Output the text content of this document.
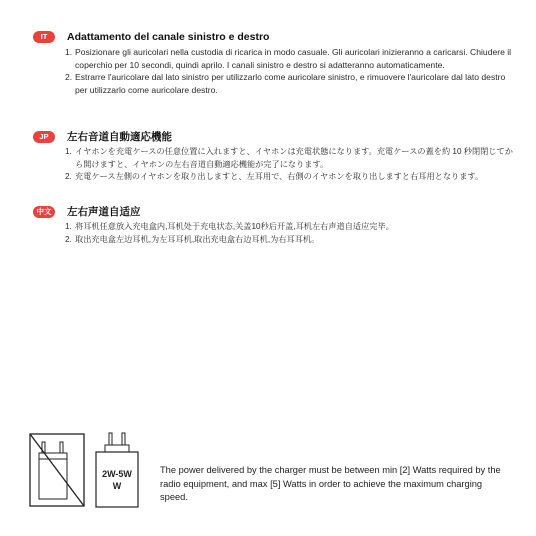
IT	Adattamento del canale sinistro e destro
1. Posizionare gli auricolari nella custodia di ricarica in modo casuale. Gli auricolari inizieranno a caricarsi. Chiudere il coperchio per 10 secondi, quindi aprilo. I canali sinistro e destro si adatteranno automaticamente.
2. Estrarre l'auricolare dal lato sinistro per utilizzarlo come auricolare sinistro, e rimuovere l'auricolare dal lato destro per utilizzarlo come auricolare destro.
JP	左右音道自動適応機能
1. イヤホンを充電ケースの任意位置に入れますと、イヤホンは充電状態になります。充電ケースの蓋を約 10 秒閉閉じてから開けますと、イヤホンの左右音道自動適応機能が完了になります。
2. 充電ケース左側のイヤホンを取り出しますと、左耳用で、右側のイヤホンを取り出しますと右耳用となります。
中文	左右声道自适应
1. 将耳机任意放入充电盒内,耳机处于充电状态,关盖10秒后开盖,耳机左右声道自适应完毕。
2. 取出充电盒左边耳机,为左耳耳机,取出充电盒右边耳机,为右耳耳机。
2W-5W
W
The power delivered by the charger must be between min [2] Watts required by the radio equipment, and max [5] Watts in order to achieve the maximum charging speed.
